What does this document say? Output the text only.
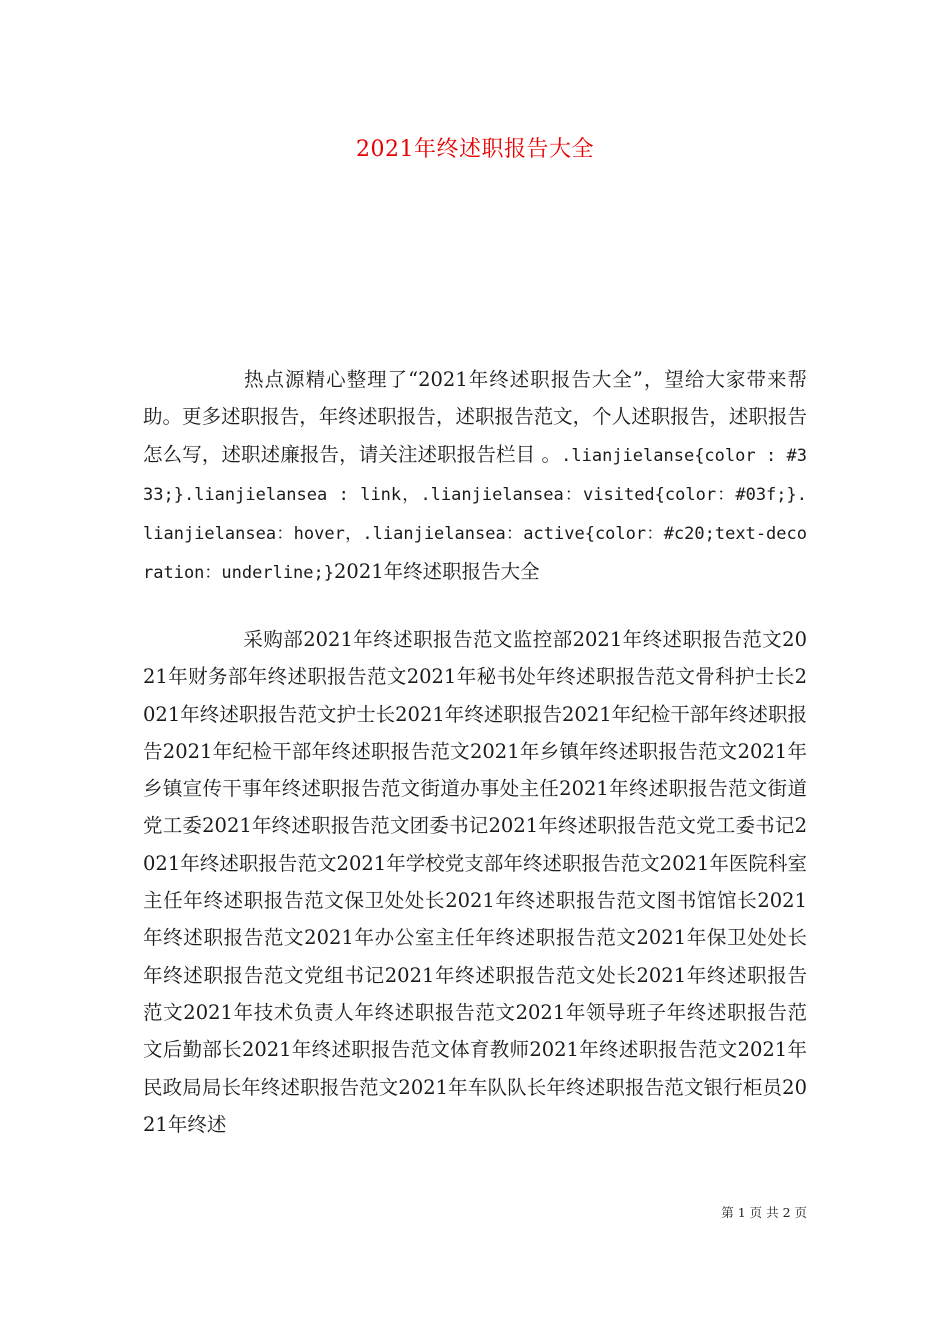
2021年终述职报告大全
热点源精心整理了“2021年终述职报告大全”，望给大家带来帮助。更多述职报告，年终述职报告，述职报告范文，个人述职报告，述职报告怎么写，述职述廉报告，请关注述职报告栏目 。.lianjielanse{color : #333;}.lianjielansea : link，.lianjielansea：visited{color：#03f;}.lianjielansea：hover，.lianjielansea：active{color：#c20;text-decoration：underline;}2021年终述职报告大全
采购部2021年终述职报告范文监控部2021年终述职报告范文2021年财务部年终述职报告范文2021年秘书处年终述职报告范文骨科护士长2021年终述职报告范文护士长2021年终述职报告2021年纪检干部年终述职报告2021年纪检干部年终述职报告范文2021年乡镇年终述职报告范文2021年乡镇宣传干事年终述职报告范文街道办事处主任2021年终述职报告范文街道党工委2021年终述职报告范文团委书记2021年终述职报告范文党工委书记2021年终述职报告范文2021年学校党支部年终述职报告范文2021年医院科室主任年终述职报告范文保卫处处长2021年终述职报告范文图书馆馆长2021年终述职报告范文2021年办公室主任年终述职报告范文2021年保卫处处长年终述职报告范文党组书记2021年终述职报告范文处长2021年终述职报告范文2021年技术负责人年终述职报告范文2021年领导班子年终述职报告范文后勤部长2021年终述职报告范文体育教师2021年终述职报告范文2021年民政局局长年终述职报告范文2021年车队队长年终述职报告范文银行柜员2021年终述
第 1 页 共 2 页
